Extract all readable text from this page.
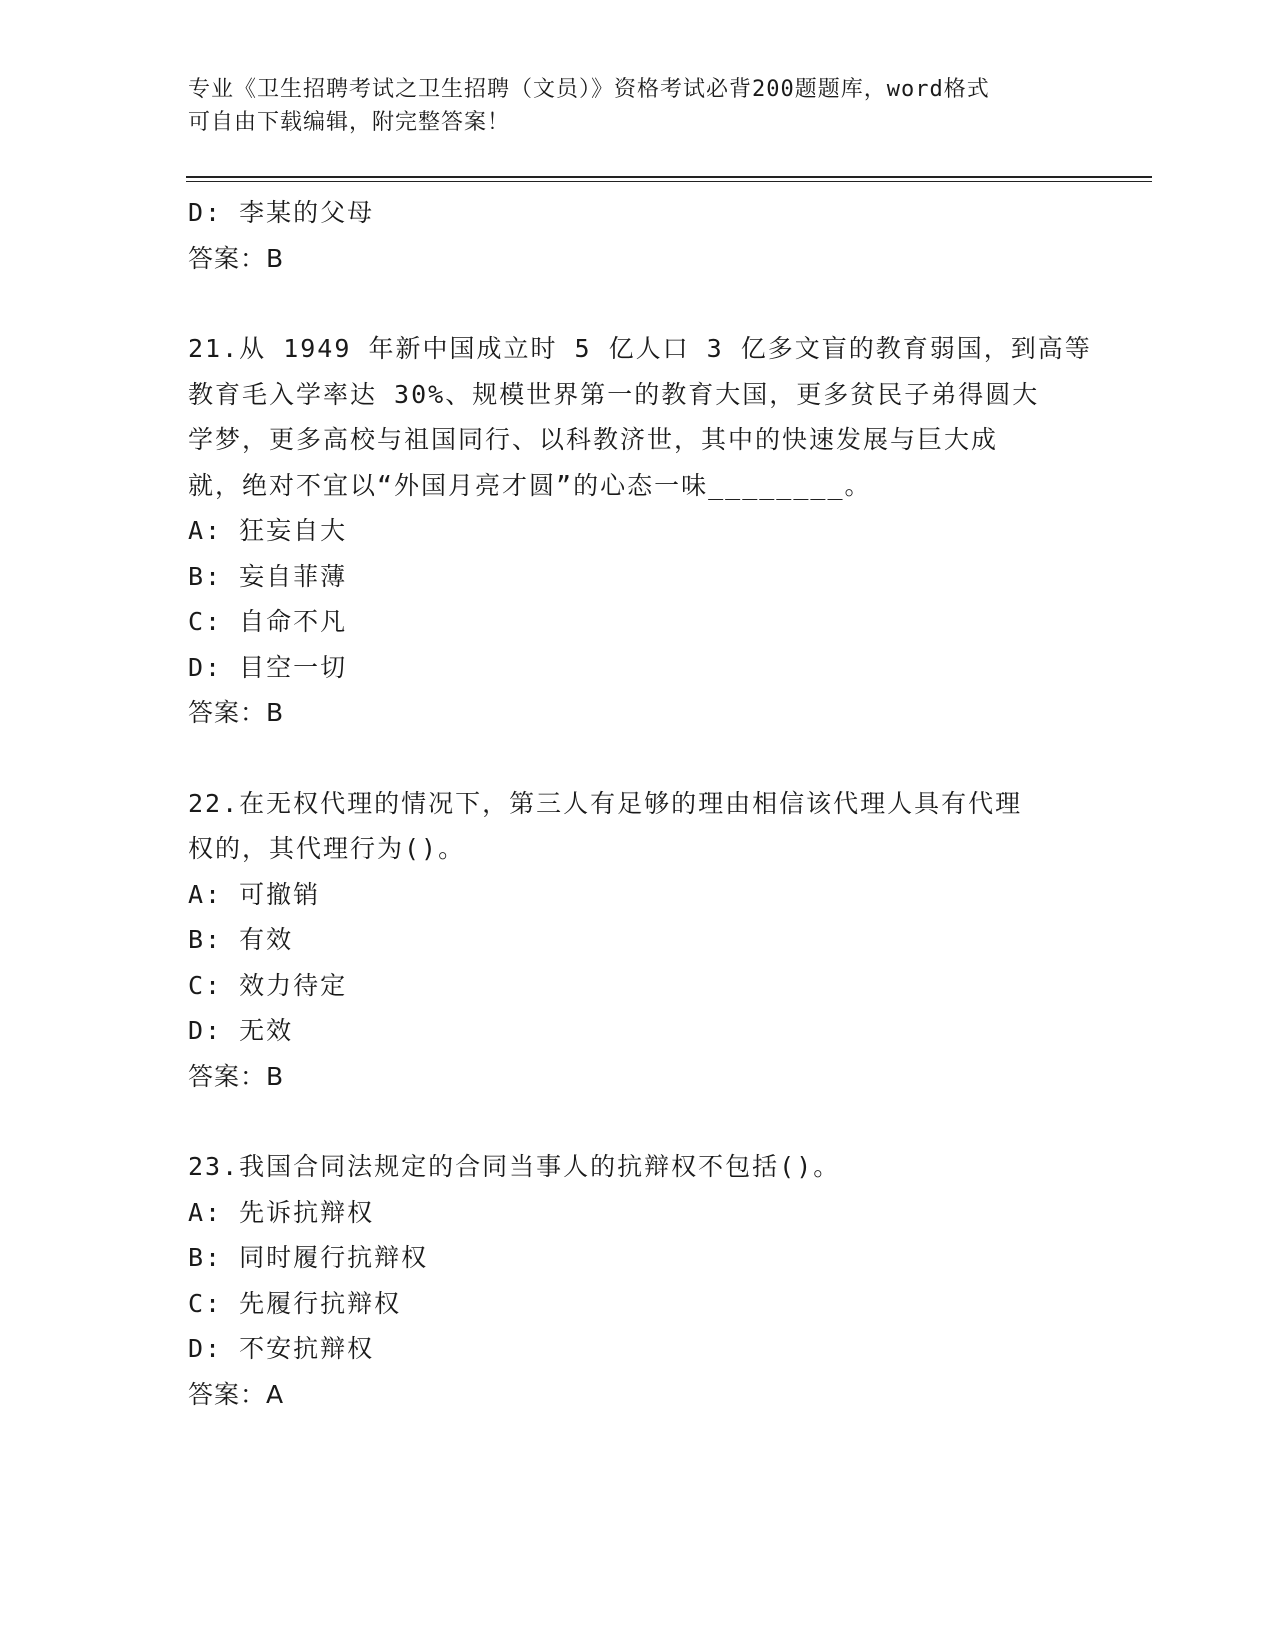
专业《卫生招聘考试之卫生招聘（文员）》资格考试必背200题题库，word格式
可自由下载编辑，附完整答案！
D: 李某的父母
答案：B
21.从 1949 年新中国成立时 5 亿人口 3 亿多文盲的教育弱国，到高等
教育毛入学率达 30%、规模世界第一的教育大国，更多贫民子弟得圆大
学梦，更多高校与祖国同行、以科教济世，其中的快速发展与巨大成
就，绝对不宜以“外国月亮才圆”的心态一味________。
A: 狂妄自大
B: 妄自菲薄
C: 自命不凡
D: 目空一切
答案：B
22.在无权代理的情况下，第三人有足够的理由相信该代理人具有代理
权的，其代理行为()。
A: 可撤销
B: 有效
C: 效力待定
D: 无效
答案：B
23.我国合同法规定的合同当事人的抗辩权不包括()。
A: 先诉抗辩权
B: 同时履行抗辩权
C: 先履行抗辩权
D: 不安抗辩权
答案：A
